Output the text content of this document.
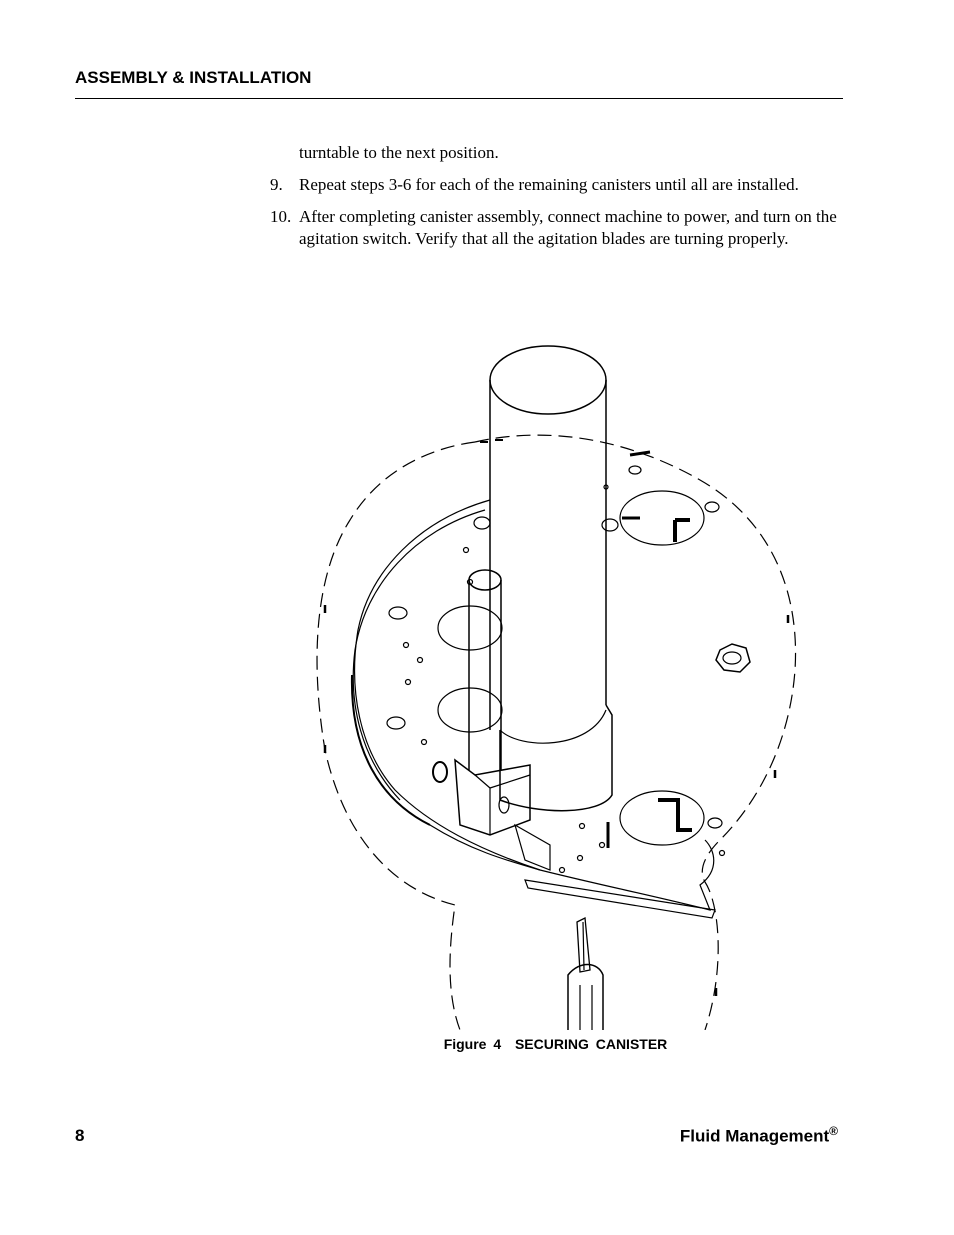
ASSEMBLY & INSTALLATION
turntable to the next position.
9. Repeat steps 3-6 for each of the remaining canisters until all are installed.
10. After completing canister assembly, connect machine to power, and turn on the agitation switch. Verify that all the agitation blades are turning properly.
Figure 4 SECURING CANISTER
8	Fluid Management®
